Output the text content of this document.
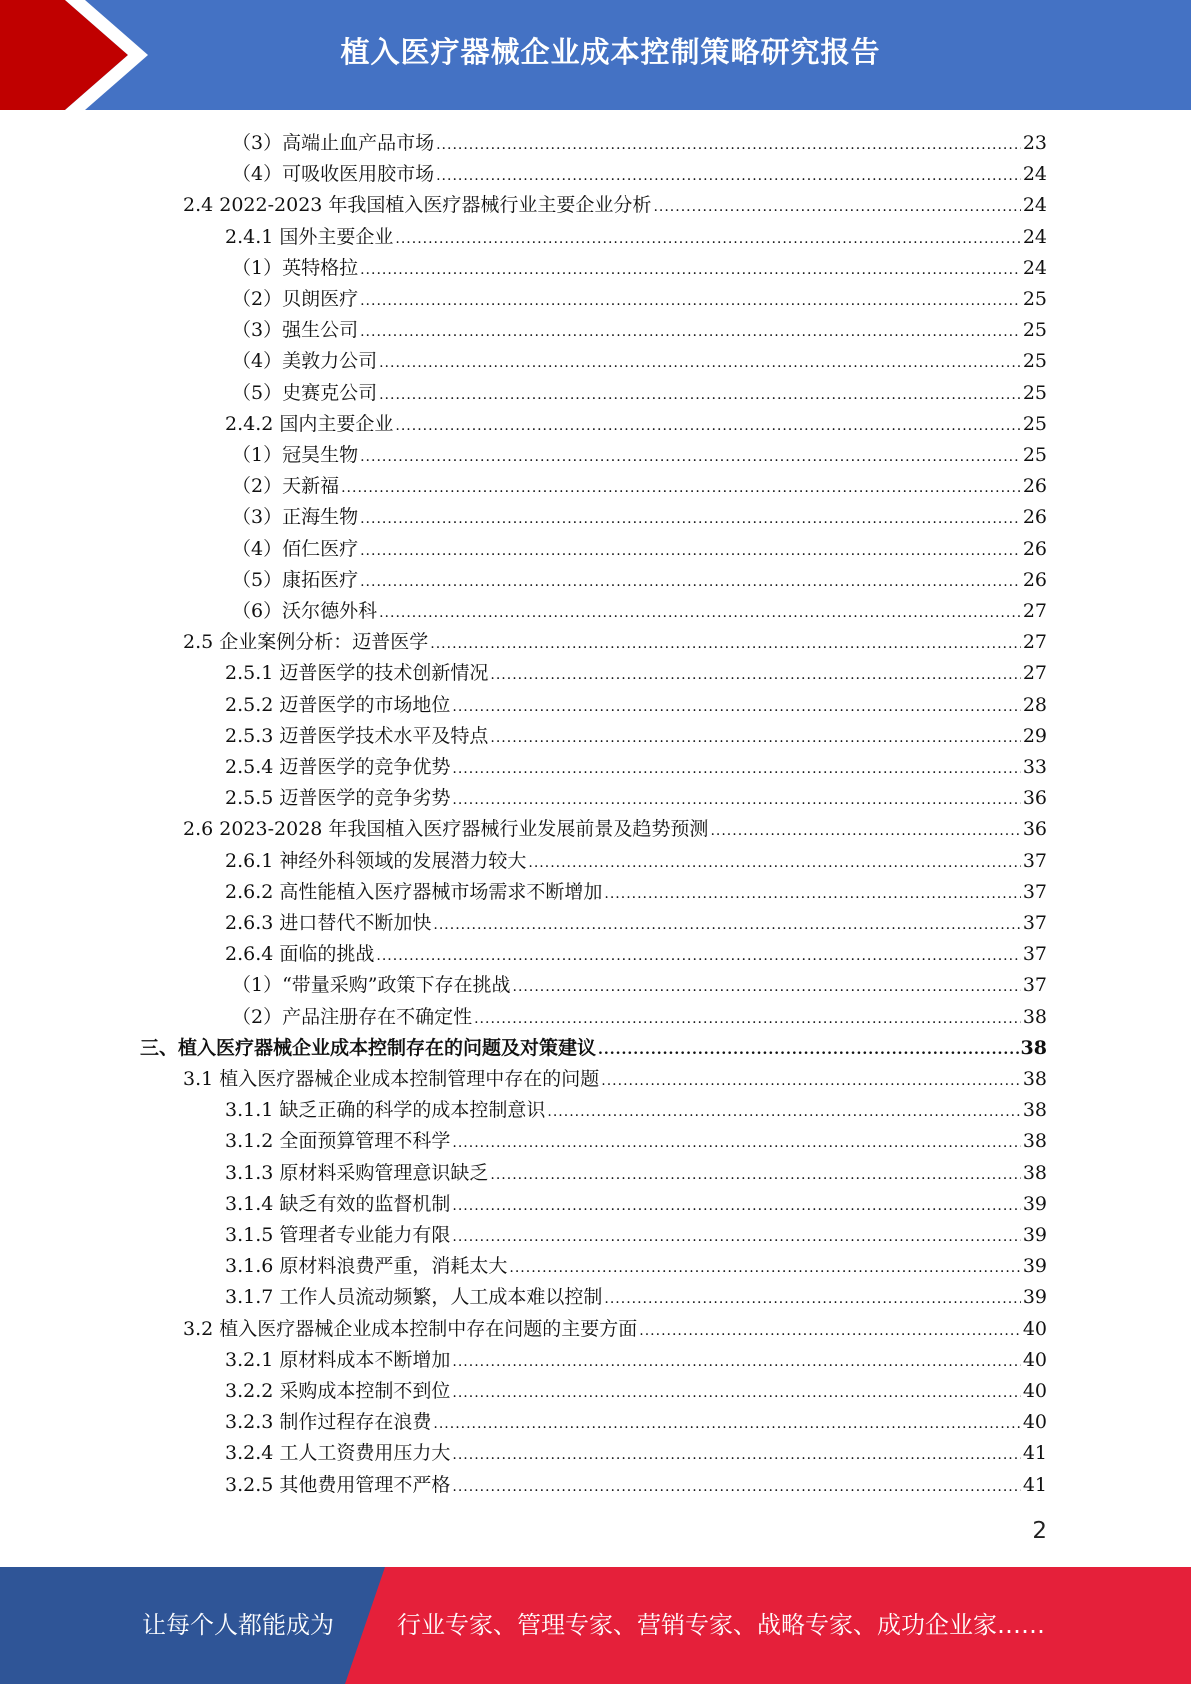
植入医疗器械企业成本控制策略研究报告
（3）高端止血产品市场 .....	23
（4）可吸收医用胶市场 .....	24
2.4 2022-2023 年我国植入医疗器械行业主要企业分析 .....	24
2.4.1 国外主要企业 .....	24
（1）英特格拉 .....	24
（2）贝朗医疗 .....	25
（3）强生公司 .....	25
（4）美敦力公司 .....	25
（5）史赛克公司 .....	25
2.4.2 国内主要企业 .....	25
（1）冠昊生物 .....	25
（2）天新福 .....	26
（3）正海生物 .....	26
（4）佰仁医疗 .....	26
（5）康拓医疗 .....	26
（6）沃尔德外科 .....	27
2.5 企业案例分析：迈普医学 .....	27
2.5.1 迈普医学的技术创新情况 .....	27
2.5.2 迈普医学的市场地位 .....	28
2.5.3 迈普医学技术水平及特点 .....	29
2.5.4 迈普医学的竞争优势 .....	33
2.5.5 迈普医学的竞争劣势 .....	36
2.6 2023-2028 年我国植入医疗器械行业发展前景及趋势预测 .....	36
2.6.1 神经外科领域的发展潜力较大 .....	37
2.6.2 高性能植入医疗器械市场需求不断增加 .....	37
2.6.3 进口替代不断加快 .....	37
2.6.4 面临的挑战 .....	37
（1）“带量采购”政策下存在挑战 .....	37
（2）产品注册存在不确定性 .....	38
三、植入医疗器械企业成本控制存在的问题及对策建议 .....	38
3.1 植入医疗器械企业成本控制管理中存在的问题 .....	38
3.1.1 缺乏正确的科学的成本控制意识 .....	38
3.1.2 全面预算管理不科学 .....	38
3.1.3 原材料采购管理意识缺乏 .....	38
3.1.4 缺乏有效的监督机制 .....	39
3.1.5 管理者专业能力有限 .....	39
3.1.6 原材料浪费严重，消耗太大 .....	39
3.1.7 工作人员流动频繁，人工成本难以控制 .....	39
3.2 植入医疗器械企业成本控制中存在问题的主要方面 .....	40
3.2.1 原材料成本不断增加 .....	40
3.2.2 采购成本控制不到位 .....	40
3.2.3 制作过程存在浪费 .....	40
3.2.4 工人工资费用压力大 .....	41
3.2.5 其他费用管理不严格 .....	41
2
让每个人都能成为	行业专家、管理专家、营销专家、战略专家、成功企业家……
